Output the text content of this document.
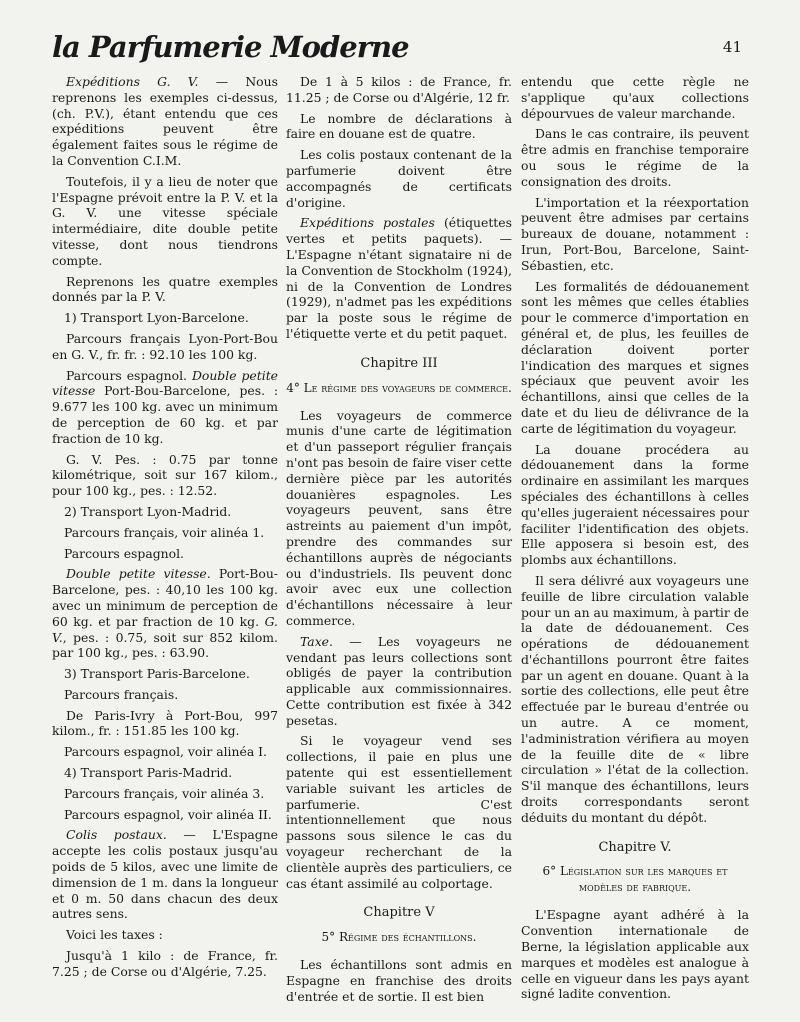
la Parfumerie Moderne	41

Expéditions G. V. — Nous reprenons les exemples ci-dessus, (ch. P.V.), étant entendu que ces expéditions peuvent être également faites sous le régime de la Convention C.I.M.

Toutefois, il y a lieu de noter que l'Espagne prévoit entre la P. V. et la G. V. une vitesse spéciale intermédiaire, dite double petite vitesse, dont nous tiendrons compte.

Reprenons les quatre exemples donnés par la P. V.

1) Transport Lyon-Barcelone.

Parcours français Lyon-Port-Bou en G. V., fr. fr. : 92.10 les 100 kg.

Parcours espagnol. Double petite vitesse Port-Bou-Barcelone, pes. : 9.677 les 100 kg. avec un minimum de perception de 60 kg. et par fraction de 10 kg.

G. V. Pes. : 0.75 par tonne kilométrique, soit sur 167 kilom., pour 100 kg., pes. : 12.52.

2) Transport Lyon-Madrid.

Parcours français, voir alinéa 1.

Parcours espagnol.

Double petite vitesse. Port-Bou-Barcelone, pes. : 40,10 les 100 kg. avec un minimum de perception de 60 kg. et par fraction de 10 kg. G. V., pes. : 0.75, soit sur 852 kilom. par 100 kg., pes. : 63.90.

3) Transport Paris-Barcelone.

Parcours français.

De Paris-Ivry à Port-Bou, 997 kilom., fr. : 151.85 les 100 kg.

Parcours espagnol, voir alinéa I.

4) Transport Paris-Madrid.

Parcours français, voir alinéa 3.

Parcours espagnol, voir alinéa II.

Colis postaux. — L'Espagne accepte les colis postaux jusqu'au poids de 5 kilos, avec une limite de dimension de 1 m. dans la longueur et 0 m. 50 dans chacun des deux autres sens.

Voici les taxes :

Jusqu'à 1 kilo : de France, fr. 7.25 ; de Corse ou d'Algérie, 7.25.

De 1 à 5 kilos : de France, fr. 11.25 ; de Corse ou d'Algérie, 12 fr.

Le nombre de déclarations à faire en douane est de quatre.

Les colis postaux contenant de la parfumerie doivent être accompagnés de certificats d'origine.

Expéditions postales (étiquettes vertes et petits paquets). — L'Espagne n'étant signataire ni de la Convention de Stockholm (1924), ni de la Convention de Londres (1929), n'admet pas les expéditions par la poste sous le régime de l'étiquette verte et du petit paquet.

Chapitre III
4° Le régime des voyageurs de commerce.

Les voyageurs de commerce munis d'une carte de légitimation et d'un passeport régulier français n'ont pas besoin de faire viser cette dernière pièce par les autorités douanières espagnoles. Les voyageurs peuvent, sans être astreints au paiement d'un impôt, prendre des commandes sur échantillons auprès de négociants ou d'industriels. Ils peuvent donc avoir avec eux une collection d'échantillons nécessaire à leur commerce.

Taxe. — Les voyageurs ne vendant pas leurs collections sont obligés de payer la contribution applicable aux commissionnaires. Cette contribution est fixée à 342 pesetas.

Si le voyageur vend ses collections, il paie en plus une patente qui est essentiellement variable suivant les articles de parfumerie. C'est intentionnellement que nous passons sous silence le cas du voyageur recherchant de la clientèle auprès des particuliers, ce cas étant assimilé au colportage.

Chapitre V
5° Régime des échantillons.

Les échantillons sont admis en Espagne en franchise des droits d'entrée et de sortie. Il est bien

entendu que cette règle ne s'applique qu'aux collections dépourvues de valeur marchande.

Dans le cas contraire, ils peuvent être admis en franchise temporaire ou sous le régime de la consignation des droits.

L'importation et la réexportation peuvent être admises par certains bureaux de douane, notamment : Irun, Port-Bou, Barcelone, Saint-Sébastien, etc.

Les formalités de dédouanement sont les mêmes que celles établies pour le commerce d'importation en général et, de plus, les feuilles de déclaration doivent porter l'indication des marques et signes spéciaux que peuvent avoir les échantillons, ainsi que celles de la date et du lieu de délivrance de la carte de légitimation du voyageur.

La douane procédera au dédouanement dans la forme ordinaire en assimilant les marques spéciales des échantillons à celles qu'elles jugeraient nécessaires pour faciliter l'identification des objets. Elle apposera si besoin est, des plombs aux échantillons.

Il sera délivré aux voyageurs une feuille de libre circulation valable pour un an au maximum, à partir de la date de dédouanement. Ces opérations de dédouanement d'échantillons pourront être faites par un agent en douane. Quant à la sortie des collections, elle peut être effectuée par le bureau d'entrée ou un autre. A ce moment, l'administration vérifiera au moyen de la feuille dite de « libre circulation » l'état de la collection. S'il manque des échantillons, leurs droits correspondants seront déduits du montant du dépôt.

Chapitre V.
6° Législation sur les marques et modèles de fabrique.

L'Espagne ayant adhéré à la Convention internationale de Berne, la législation applicable aux marques et modèles est analogue à celle en vigueur dans les pays ayant signé ladite convention.
